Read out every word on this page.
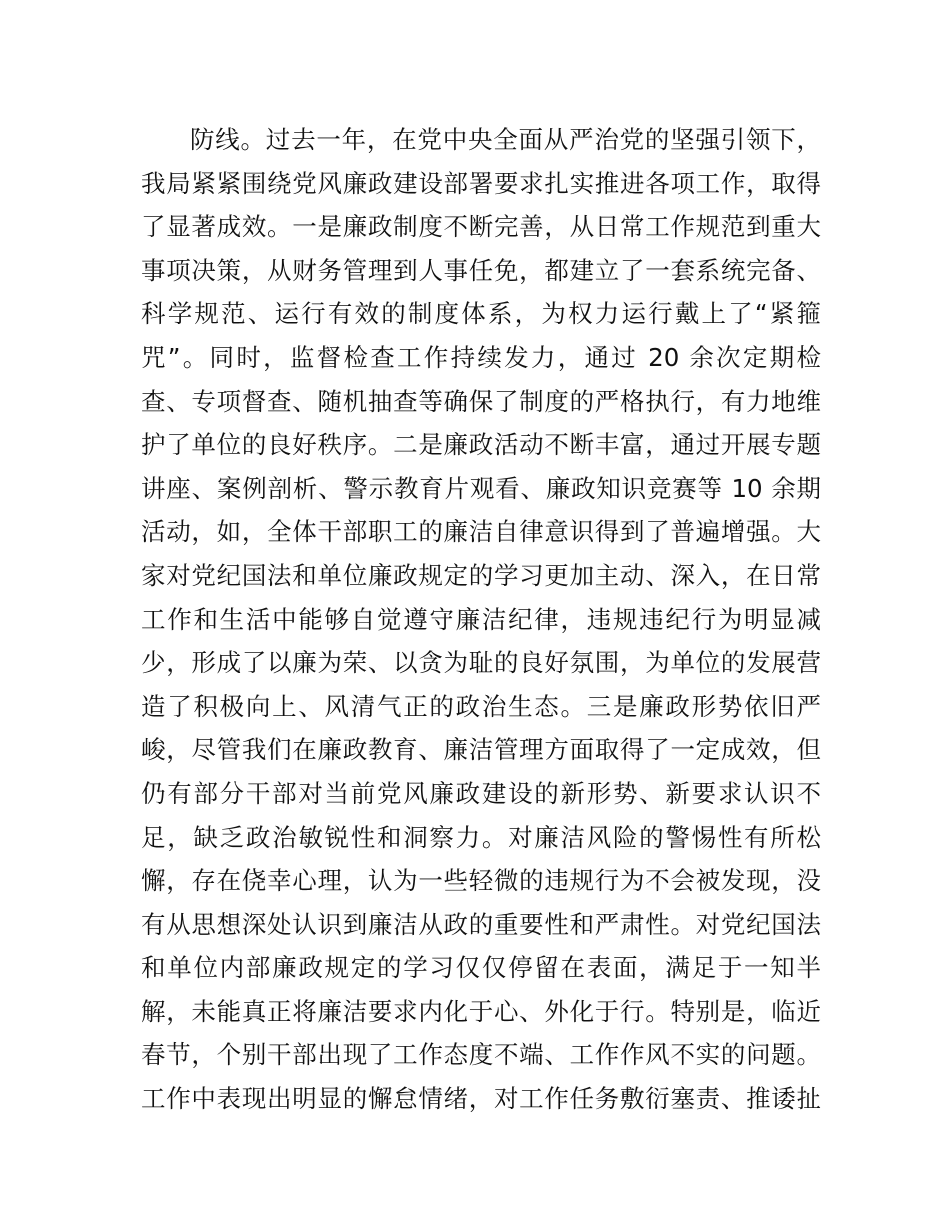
防线。过去一年，在党中央全面从严治党的坚强引领下，
我局紧紧围绕党风廉政建设部署要求扎实推进各项工作，取得
了显著成效。一是廉政制度不断完善，从日常工作规范到重大
事项决策，从财务管理到人事任免，都建立了一套系统完备、
科学规范、运行有效的制度体系，为权力运行戴上了“紧箍
咒”。同时，监督检查工作持续发力，通过 20 余次定期检
查、专项督查、随机抽查等确保了制度的严格执行，有力地维
护了单位的良好秩序。二是廉政活动不断丰富，通过开展专题
讲座、案例剖析、警示教育片观看、廉政知识竞赛等 10 余期
活动，如，全体干部职工的廉洁自律意识得到了普遍增强。大
家对党纪国法和单位廉政规定的学习更加主动、深入，在日常
工作和生活中能够自觉遵守廉洁纪律，违规违纪行为明显减
少，形成了以廉为荣、以贪为耻的良好氛围，为单位的发展营
造了积极向上、风清气正的政治生态。三是廉政形势依旧严
峻，尽管我们在廉政教育、廉洁管理方面取得了一定成效，但
仍有部分干部对当前党风廉政建设的新形势、新要求认识不
足，缺乏政治敏锐性和洞察力。对廉洁风险的警惕性有所松
懈，存在侥幸心理，认为一些轻微的违规行为不会被发现，没
有从思想深处认识到廉洁从政的重要性和严肃性。对党纪国法
和单位内部廉政规定的学习仅仅停留在表面，满足于一知半
解，未能真正将廉洁要求内化于心、外化于行。特别是，临近
春节，个别干部出现了工作态度不端、工作作风不实的问题。
工作中表现出明显的懈怠情绪，对工作任务敷衍塞责、推诿扯
